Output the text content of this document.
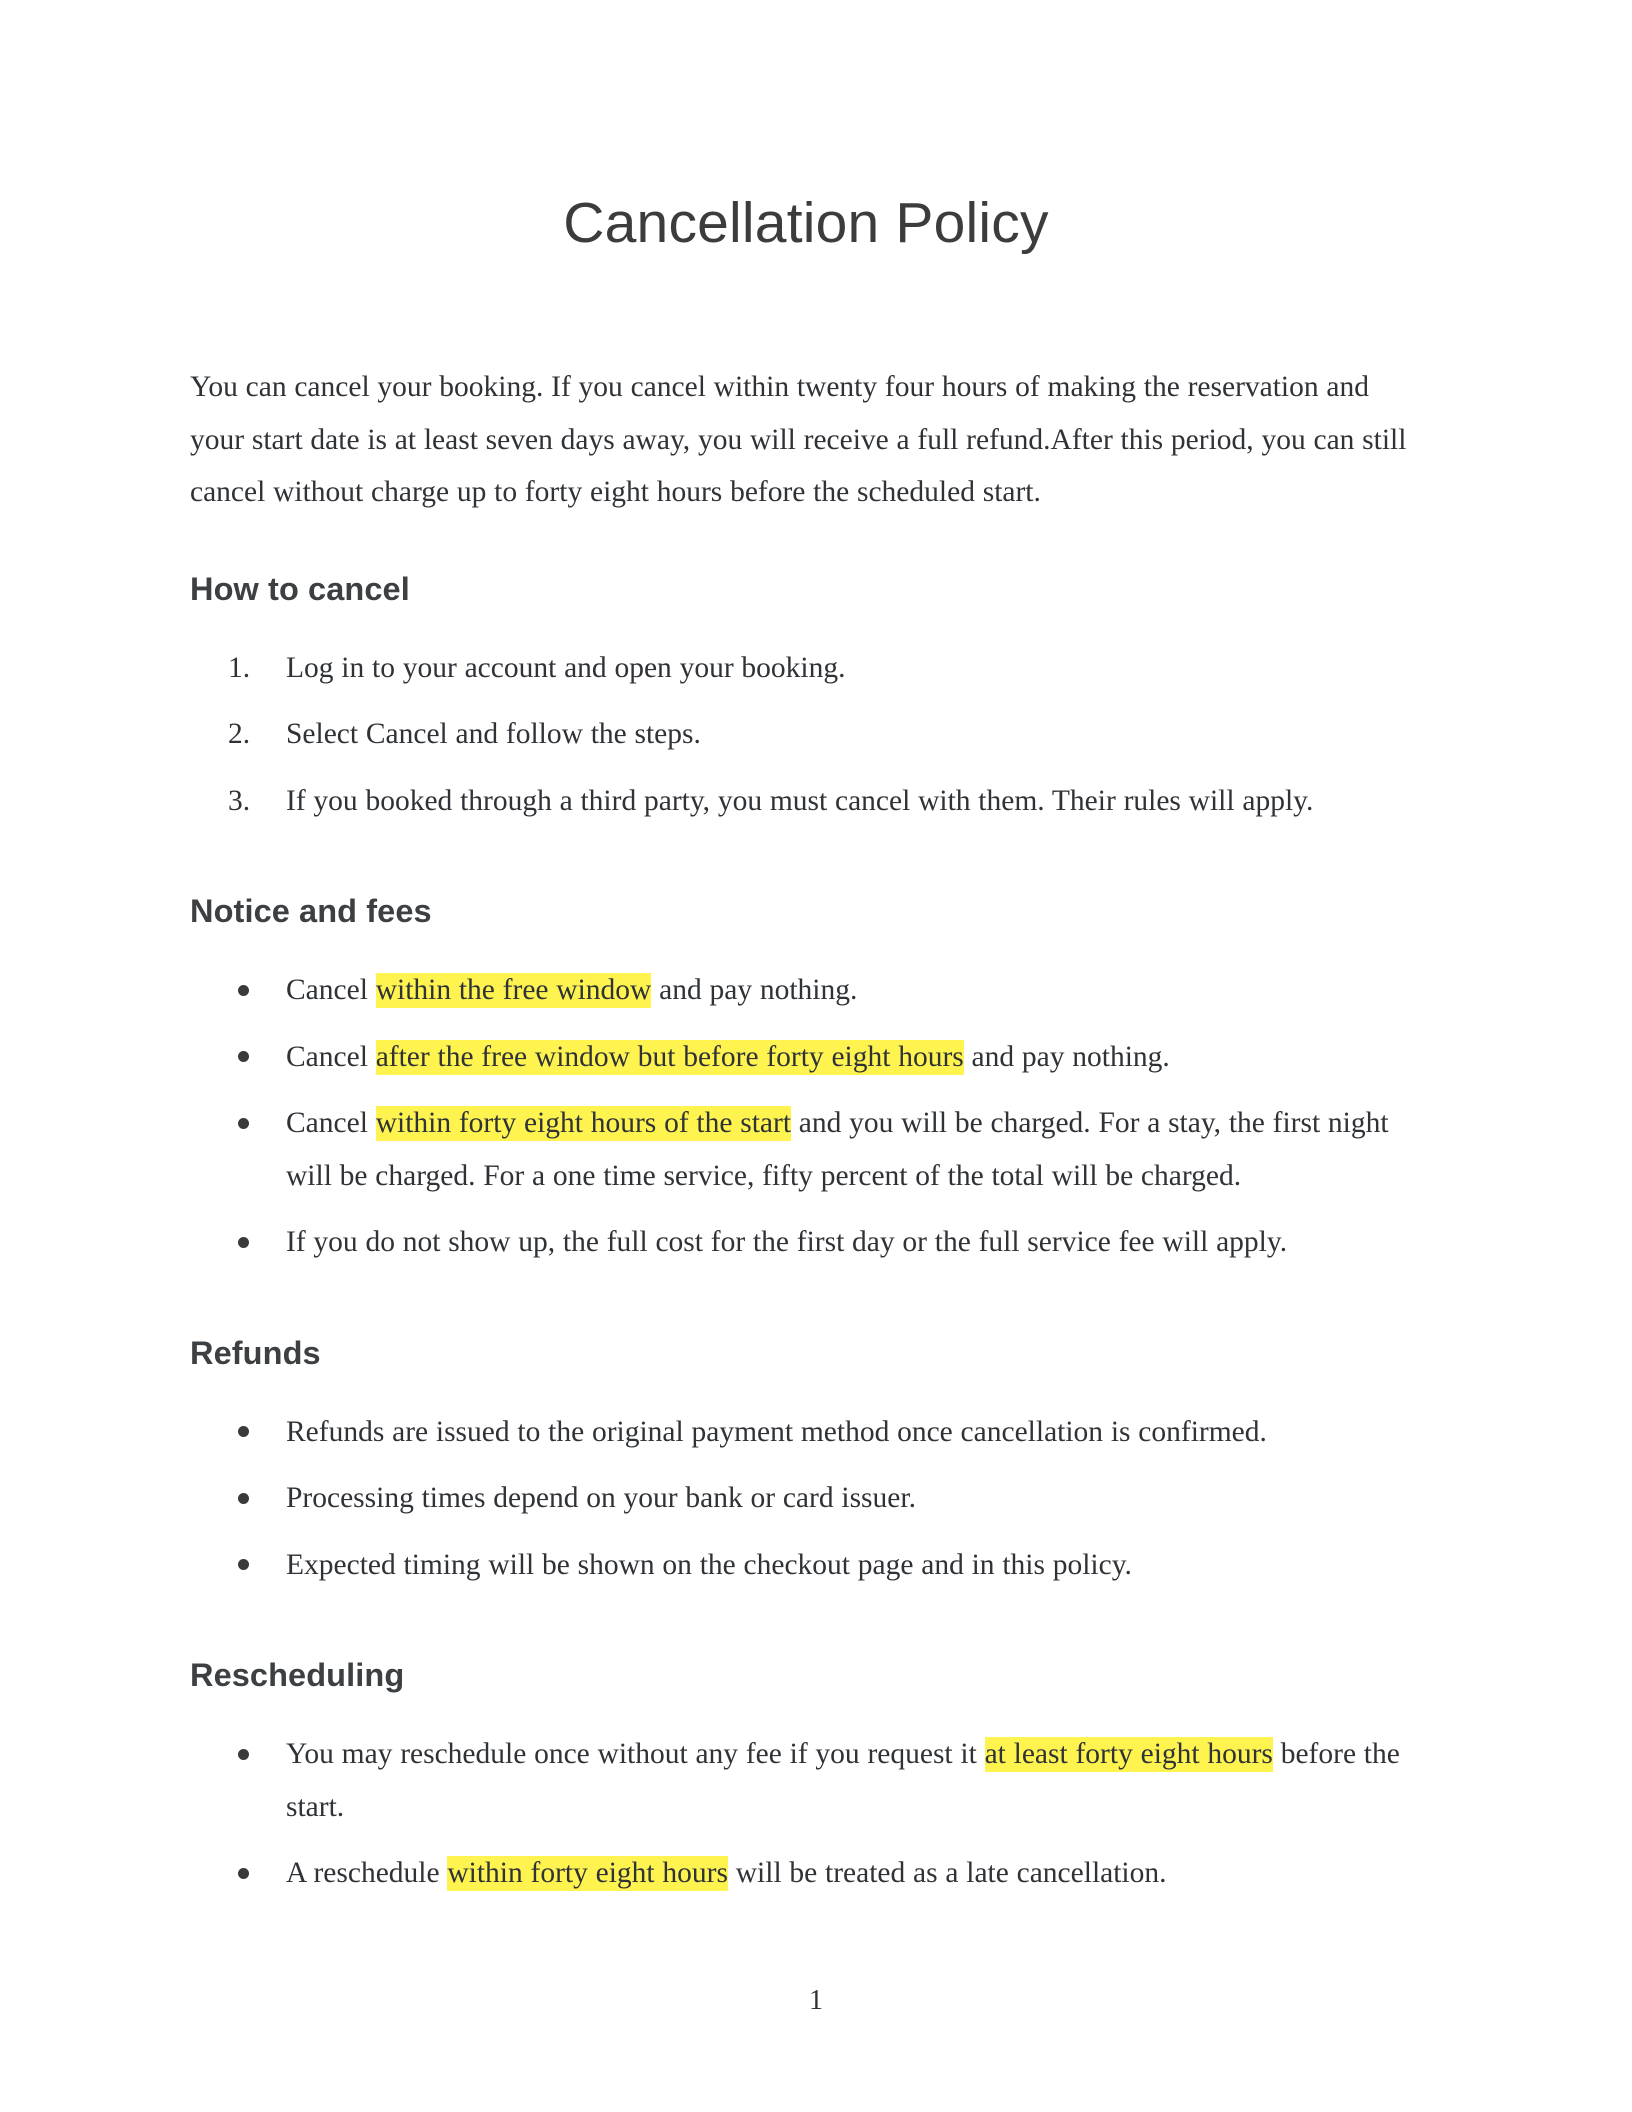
Cancellation Policy

You can cancel your booking. If you cancel within twenty four hours of making the reservation and your start date is at least seven days away, you will receive a full refund.After this period, you can still cancel without charge up to forty eight hours before the scheduled start.

How to cancel
1.	Log in to your account and open your booking.
2.	Select Cancel and follow the steps.
3.	If you booked through a third party, you must cancel with them. Their rules will apply.
Notice and fees
Cancel within the free window and pay nothing.
Cancel after the free window but before forty eight hours and pay nothing.
Cancel within forty eight hours of the start and you will be charged. For a stay, the first night will be charged. For a one time service, fifty percent of the total will be charged.
If you do not show up, the full cost for the first day or the full service fee will apply.
Refunds
Refunds are issued to the original payment method once cancellation is confirmed.
Processing times depend on your bank or card issuer.
Expected timing will be shown on the checkout page and in this policy.
Rescheduling
You may reschedule once without any fee if you request it at least forty eight hours before the start.
A reschedule within forty eight hours will be treated as a late cancellation.
1
